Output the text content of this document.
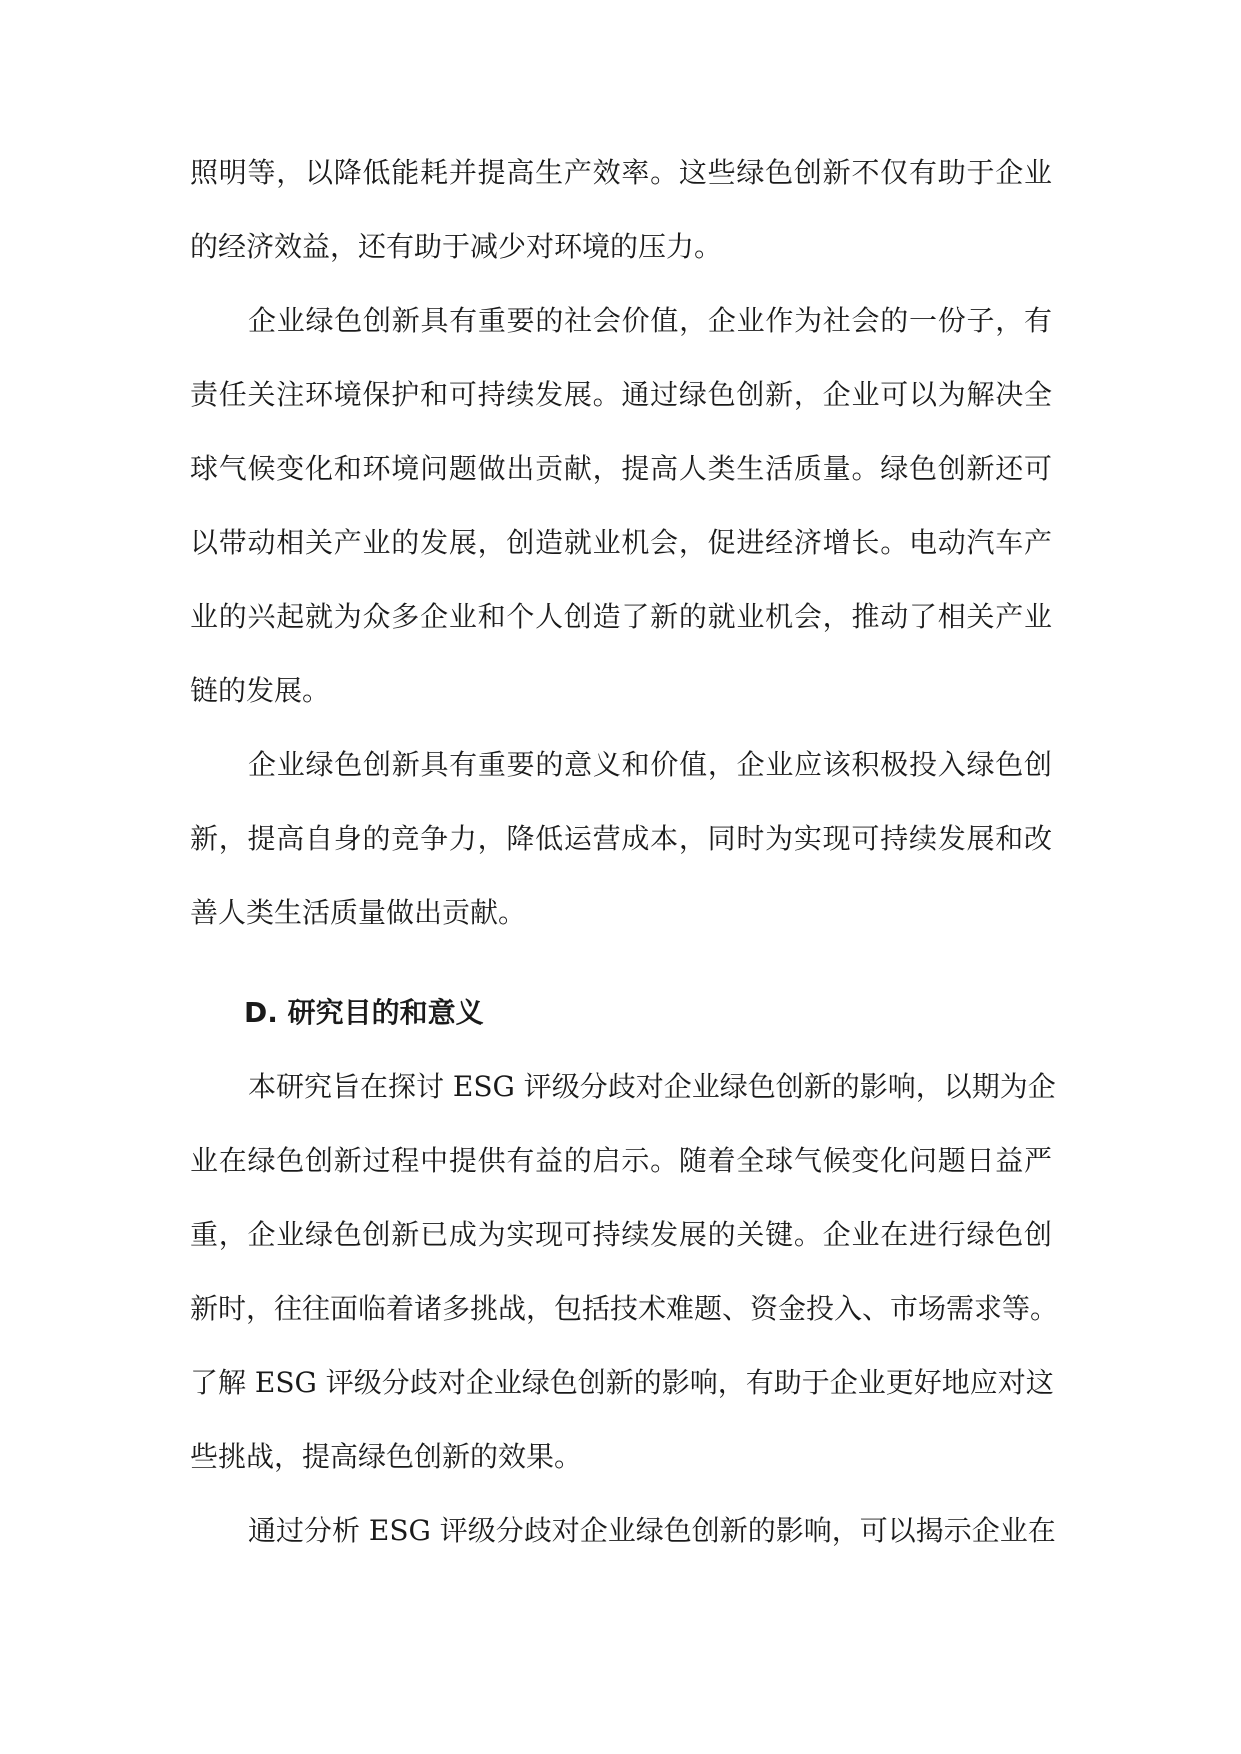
照明等，以降低能耗并提高生产效率。这些绿色创新不仅有助于企业
的经济效益，还有助于减少对环境的压力。
企业绿色创新具有重要的社会价值，企业作为社会的一份子，有
责任关注环境保护和可持续发展。通过绿色创新，企业可以为解决全
球气候变化和环境问题做出贡献，提高人类生活质量。绿色创新还可
以带动相关产业的发展，创造就业机会，促进经济增长。电动汽车产
业的兴起就为众多企业和个人创造了新的就业机会，推动了相关产业
链的发展。
企业绿色创新具有重要的意义和价值，企业应该积极投入绿色创
新，提高自身的竞争力，降低运营成本，同时为实现可持续发展和改
善人类生活质量做出贡献。
D. 研究目的和意义
本研究旨在探讨 ESG 评级分歧对企业绿色创新的影响，以期为企
业在绿色创新过程中提供有益的启示。随着全球气候变化问题日益严
重，企业绿色创新已成为实现可持续发展的关键。企业在进行绿色创
新时，往往面临着诸多挑战，包括技术难题、资金投入、市场需求等。
了解 ESG 评级分歧对企业绿色创新的影响，有助于企业更好地应对这
些挑战，提高绿色创新的效果。
通过分析 ESG 评级分歧对企业绿色创新的影响，可以揭示企业在
